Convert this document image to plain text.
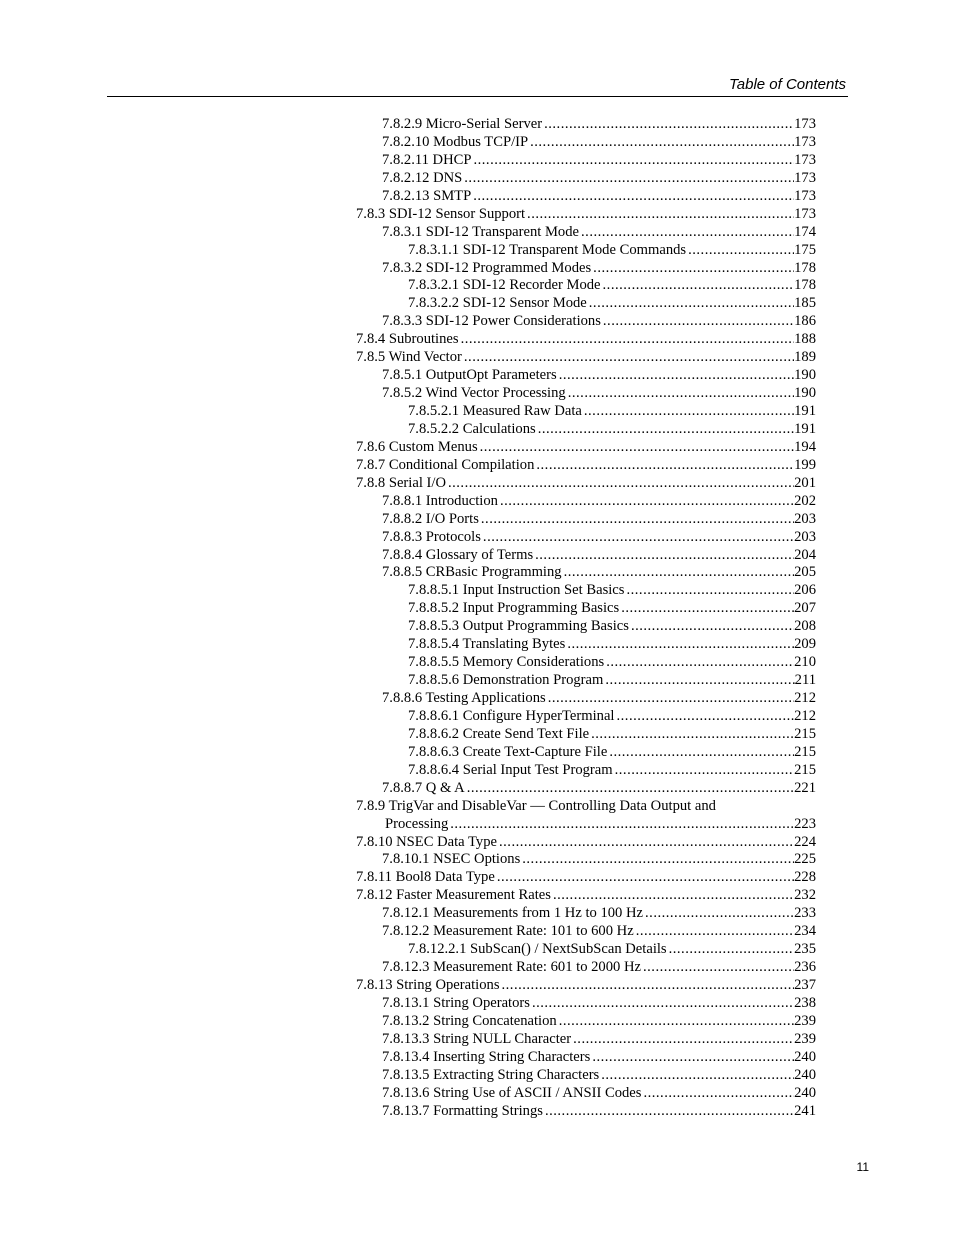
Table of Contents
7.8.2.9 Micro-Serial Server .....	173
7.8.2.10 Modbus TCP/IP .....	173
7.8.2.11 DHCP .....	173
7.8.2.12 DNS .....	173
7.8.2.13 SMTP .....	173
7.8.3 SDI-12 Sensor Support .....	173
7.8.3.1 SDI-12 Transparent Mode .....	174
7.8.3.1.1 SDI-12 Transparent Mode Commands .....	175
7.8.3.2 SDI-12 Programmed Modes .....	178
7.8.3.2.1 SDI-12 Recorder Mode .....	178
7.8.3.2.2 SDI-12 Sensor Mode .....	185
7.8.3.3 SDI-12 Power Considerations .....	186
7.8.4 Subroutines .....	188
7.8.5 Wind Vector .....	189
7.8.5.1 OutputOpt Parameters .....	190
7.8.5.2 Wind Vector Processing .....	190
7.8.5.2.1 Measured Raw Data .....	191
7.8.5.2.2 Calculations .....	191
7.8.6 Custom Menus .....	194
7.8.7 Conditional Compilation .....	199
7.8.8 Serial I/O .....	201
7.8.8.1 Introduction .....	202
7.8.8.2 I/O Ports .....	203
7.8.8.3 Protocols .....	203
7.8.8.4 Glossary of Terms .....	204
7.8.8.5 CRBasic Programming .....	205
7.8.8.5.1 Input Instruction Set Basics .....	206
7.8.8.5.2 Input Programming Basics .....	207
7.8.8.5.3 Output Programming Basics .....	208
7.8.8.5.4 Translating Bytes .....	209
7.8.8.5.5 Memory Considerations .....	210
7.8.8.5.6 Demonstration Program .....	211
7.8.8.6 Testing Applications .....	212
7.8.8.6.1 Configure HyperTerminal .....	212
7.8.8.6.2 Create Send Text File .....	215
7.8.8.6.3 Create Text-Capture File .....	215
7.8.8.6.4 Serial Input Test Program .....	215
7.8.8.7 Q & A .....	221
7.8.9 TrigVar and DisableVar — Controlling Data Output and
Processing .....	223
7.8.10 NSEC Data Type .....	224
7.8.10.1 NSEC Options .....	225
7.8.11 Bool8 Data Type .....	228
7.8.12 Faster Measurement Rates .....	232
7.8.12.1 Measurements from 1 Hz to 100 Hz .....	233
7.8.12.2 Measurement Rate: 101 to 600 Hz .....	234
7.8.12.2.1 SubScan() / NextSubScan Details .....	235
7.8.12.3 Measurement Rate: 601 to 2000 Hz .....	236
7.8.13 String Operations .....	237
7.8.13.1 String Operators .....	238
7.8.13.2 String Concatenation .....	239
7.8.13.3 String NULL Character .....	239
7.8.13.4 Inserting String Characters .....	240
7.8.13.5 Extracting String Characters .....	240
7.8.13.6 String Use of ASCII / ANSII Codes .....	240
7.8.13.7 Formatting Strings .....	241
11
